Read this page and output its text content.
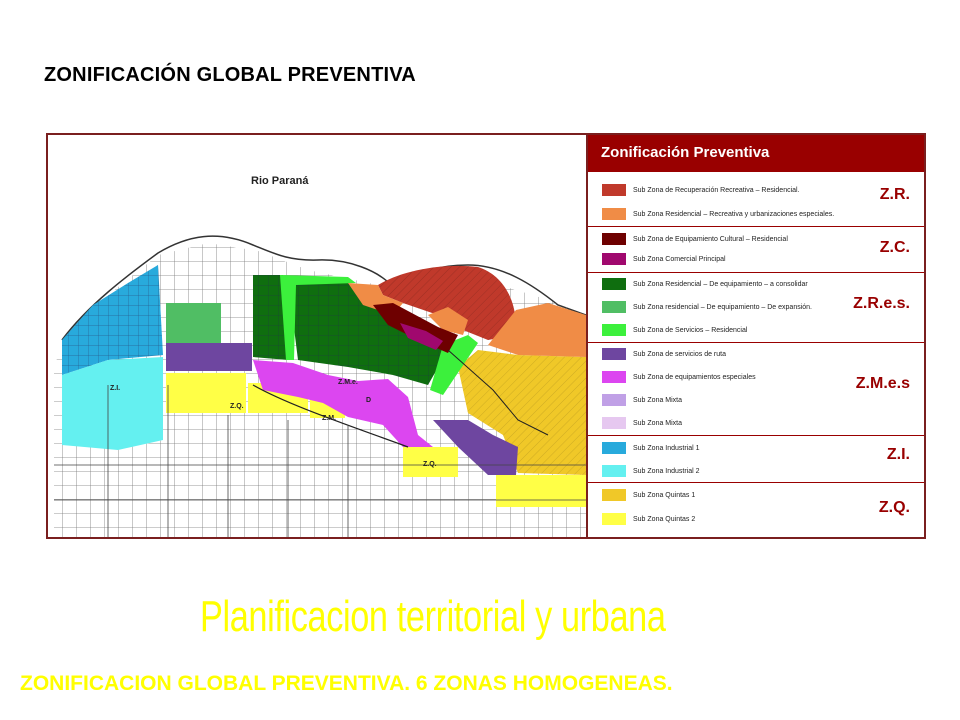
ZONIFICACIÓN GLOBAL PREVENTIVA
Rio Paraná
Z.I.
Z.Q.
Z.M.e.
D
Z.M.
Z.Q.
Zonificación Preventiva
Sub Zona de Recuperación Recreativa – Residencial.
Sub Zona Residencial – Recreativa y urbanizaciones especiales.
Z.R.
Sub Zona de Equipamiento Cultural – Residencial
Sub Zona Comercial Principal
Z.C.
Sub Zona Residencial – De equipamiento – a consolidar
Sub Zona residencial – De equipamiento – De expansión.
Sub Zona de Servicios – Residencial
Z.R.e.s.
Sub Zona de servicios de ruta
Sub Zona de equipamientos especiales
Sub Zona Mixta
Sub Zona Mixta
Z.M.e.s
Sub Zona Industrial 1
Sub Zona Industrial 2
Z.I.
Sub Zona Quintas 1
Sub Zona Quintas 2
Z.Q.
Planificacion territorial y urbana
ZONIFICACION GLOBAL PREVENTIVA. 6 ZONAS HOMOGENEAS.
